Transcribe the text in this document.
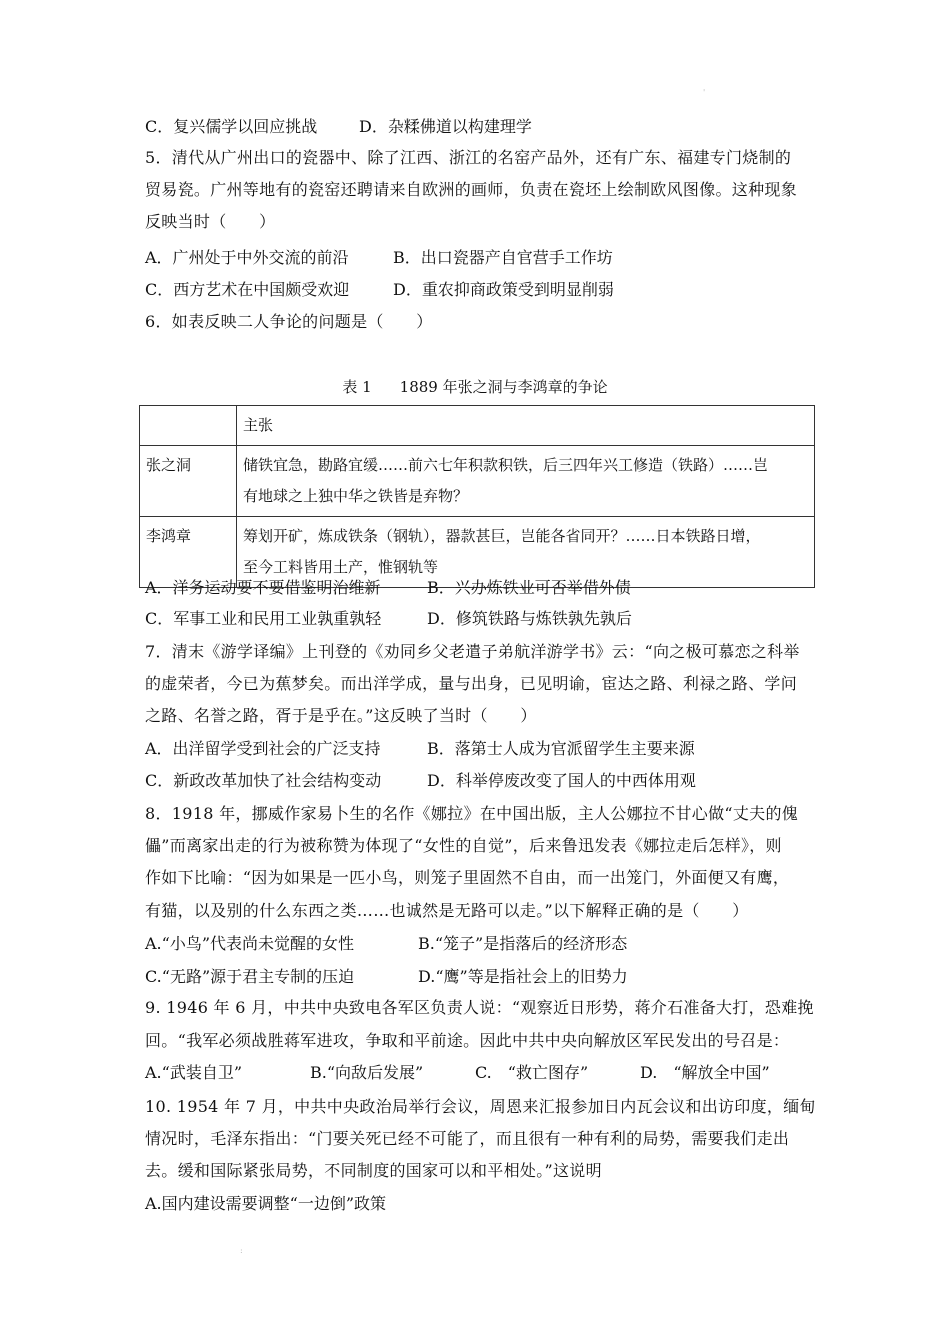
'
C．复兴儒学以回应挑战	D．杂糅佛道以构建理学
5．清代从广州出口的瓷器中、除了江西、浙江的名窑产品外，还有广东、福建专门烧制的
贸易瓷。广州等地有的瓷窑还聘请来自欧洲的画师，负责在瓷坯上绘制欧风图像。这种现象
反映当时（　　）
A．广州处于中外交流的前沿	B．出口瓷器产自官营手工作坊
C．西方艺术在中国颇受欢迎	D．重农抑商政策受到明显削弱
6．如表反映二人争论的问题是（　　）
表 1 1889 年张之洞与李鸿章的争论
	主张
张之洞	储铁宜急，勘路宜缓……前六七年积款积铁，后三四年兴工修造（铁路）……岂
有地球之上独中华之铁皆是弃物？

李鸿章	筹划开矿，炼成铁条（钢轨），器款甚巨，岂能各省同开？……日本铁路日增，
至今工料皆用土产，惟钢轨等
A．洋务运动要不要借鉴明治维新	B．兴办炼铁业可否举借外债
C．军事工业和民用工业孰重孰轻	D．修筑铁路与炼铁孰先孰后
7．清末《游学译编》上刊登的《劝同乡父老遣子弟航洋游学书》云：“向之极可慕恋之科举
的虚荣者，今已为蕉梦矣。而出洋学成，量与出身，已见明谕，宦达之路、利禄之路、学问
之路、名誉之路，胥于是乎在。”这反映了当时（　　）
A．出洋留学受到社会的广泛支持	B．落第士人成为官派留学生主要来源
C．新政改革加快了社会结构变动	D．科举停废改变了国人的中西体用观
8．1918 年，挪威作家易卜生的名作《娜拉》在中国出版，主人公娜拉不甘心做“丈夫的傀
儡”而离家出走的行为被称赞为体现了“女性的自觉”，后来鲁迅发表《娜拉走后怎样》，则
作如下比喻：“因为如果是一匹小鸟，则笼子里固然不自由，而一出笼门，外面便又有鹰，
有猫，以及别的什么东西之类……也诚然是无路可以走。”以下解释正确的是（　　）
A.“小鸟”代表尚未觉醒的女性	B.“笼子”是指落后的经济形态
C.“无路”源于君主专制的压迫	D.“鹰”等是指社会上的旧势力
9. 1946 年 6 月，中共中央致电各军区负责人说：“观察近日形势，蒋介石准备大打，恐难挽
回。“我军必须战胜蒋军进攻，争取和平前途。因此中共中央向解放区军民发出的号召是：
A.“武装自卫”	B.“向敌后发展”	C.　“救亡图存”	D.　“解放全中国”
10. 1954 年 7 月，中共中央政治局举行会议，周恩来汇报参加日内瓦会议和出访印度，缅甸
情况时，毛泽东指出：“门要关死已经不可能了，而且很有一种有利的局势，需要我们走出
去。缓和国际紧张局势，不同制度的国家可以和平相处。”这说明
A.国内建设需要调整“一边倒”政策
:
